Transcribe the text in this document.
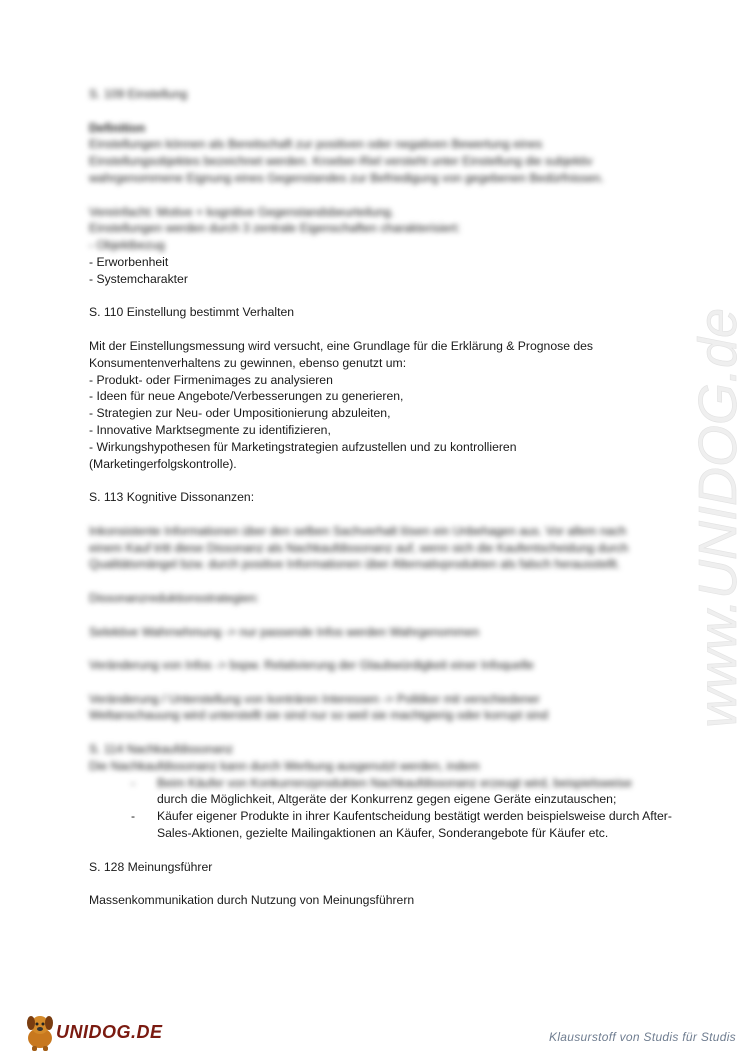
S. 109 Einstellung
Definition
Einstellungen können als Bereitschaft zur positiven oder negativen Bewertung eines
Einstellungsobjektes bezeichnet werden. Kroeber-Riel versteht unter Einstellung die subjektiv
wahrgenommene Eignung eines Gegenstandes zur Befriedigung von gegebenen Bedürfnissen.
Vereinfacht: Motive + kognitive Gegenstandsbeurteilung.
Einstellungen werden durch 3 zentrale Eigenschaften charakterisiert:
- Objektbezug
- Erworbenheit
- Systemcharakter
S. 110 Einstellung bestimmt Verhalten
Mit der Einstellungsmessung wird versucht, eine Grundlage für die Erklärung & Prognose des
Konsumentenverhaltens zu gewinnen, ebenso genutzt um:
- Produkt- oder Firmenimages zu analysieren
- Ideen für neue Angebote/Verbesserungen zu generieren,
- Strategien zur Neu- oder Umpositionierung abzuleiten,
- Innovative Marktsegmente zu identifizieren,
- Wirkungshypothesen für Marketingstrategien aufzustellen und zu kontrollieren
(Marketingerfolgskontrolle).
S. 113 Kognitive Dissonanzen:
Inkonsistente Informationen über den selben Sachverhalt lösen ein Unbehagen aus. Vor allem nach
einem Kauf tritt diese Dissonanz als Nachkaufdissonanz auf, wenn sich die Kaufentscheidung durch
Qualitätsmängel bzw. durch positive Informationen über Alternativprodukten als falsch herausstellt.
Dissonanzreduktionsstrategien:
Selektive Wahrnehmung -> nur passende Infos werden Wahrgenommen
Veränderung von Infos -> bspw. Relativierung der Glaubwürdigkeit einer Infoquelle
Veränderung / Unterstellung von konträren Interessen -> Politiker mit verschiedener
Weltanschauung wird unterstellt sie sind nur so weil sie machtgierig oder korrupt sind
S. 114 Nachkaufdissonanz
Die Nachkaufdissonanz kann durch Werbung ausgenutzt werden, indem
-	Beim Käufer von Konkurrenzprodukten Nachkaufdissonanz erzeugt wird, beispielsweise
durch die Möglichkeit, Altgeräte der Konkurrenz gegen eigene Geräte einzutauschen;
-	Käufer eigener Produkte in ihrer Kaufentscheidung bestätigt werden beispielsweise durch After-Sales-Aktionen, gezielte Mailingaktionen an Käufer, Sonderangebote für Käufer etc.
S. 128 Meinungsführer
Massenkommunikation durch Nutzung von Meinungsführern
www.UNIDOG.de
UNIDOG.DE	Klausurstoff von Studis für Studis
